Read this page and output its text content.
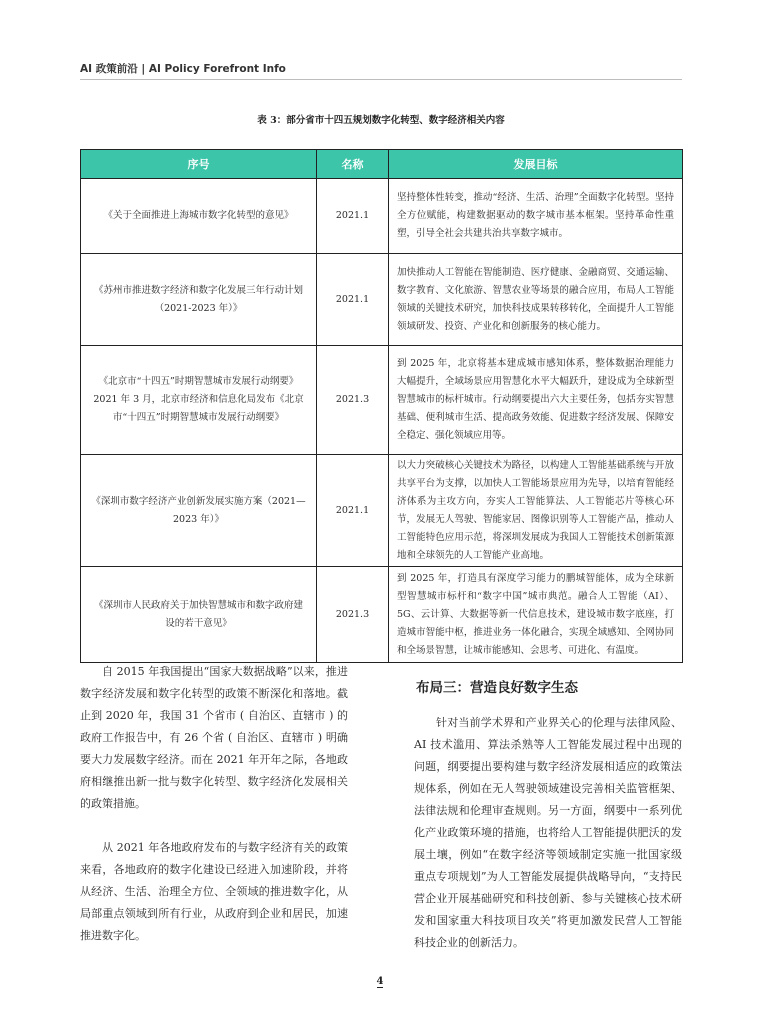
AI 政策前沿 | AI Policy Forefront Info
表 3：部分省市十四五规划数字化转型、数字经济相关内容
序号	名称	发展目标
《关于全面推进上海城市数字化转型的意见》	2021.1	坚持整体性转变，推动“经济、生活、治理”全面数字化转型。坚持全方位赋能，构建数据驱动的数字城市基本框架。坚持革命性重塑，引导全社会共建共治共享数字城市。
《苏州市推进数字经济和数字化发展三年行动计划（2021-2023 年）》	2021.1	加快推动人工智能在智能制造、医疗健康、金融商贸、交通运输、数字教育、文化旅游、智慧农业等场景的融合应用，布局人工智能领域的关键技术研究，加快科技成果转移转化，全面提升人工智能领域研发、投资、产业化和创新服务的核心能力。
《北京市“十四五”时期智慧城市发展行动纲要》2021 年 3 月，北京市经济和信息化局发布《北京市“十四五”时期智慧城市发展行动纲要》	2021.3	到 2025 年，北京将基本建成城市感知体系，整体数据治理能力大幅提升，全域场景应用智慧化水平大幅跃升，建设成为全球新型智慧城市的标杆城市。行动纲要提出六大主要任务，包括夯实智慧基础、便利城市生活、提高政务效能、促进数字经济发展、保障安全稳定、强化领域应用等。
《深圳市数字经济产业创新发展实施方案（2021—2023 年）》	2021.1	以大力突破核心关键技术为路径，以构建人工智能基础系统与开放共享平台为支撑，以加快人工智能场景应用为先导，以培育智能经济体系为主攻方向，夯实人工智能算法、人工智能芯片等核心环节，发展无人驾驶、智能家居、图像识别等人工智能产品，推动人工智能特色应用示范，将深圳发展成为我国人工智能技术创新策源地和全球领先的人工智能产业高地。
《深圳市人民政府关于加快智慧城市和数字政府建设的若干意见》	2021.3	到 2025 年，打造具有深度学习能力的鹏城智能体，成为全球新型智慧城市标杆和“数字中国”城市典范。融合人工智能（AI）、5G、云计算、大数据等新一代信息技术，建设城市数字底座，打造城市智能中枢，推进业务一体化融合，实现全域感知、全网协同和全场景智慧，让城市能感知、会思考、可进化、有温度。

自 2015 年我国提出“国家大数据战略”以来，推进数字经济发展和数字化转型的政策不断深化和落地。截止到 2020 年，我国 31 个省市 ( 自治区、直辖市 ) 的政府工作报告中，有 26 个省 ( 自治区、直辖市 ) 明确要大力发展数字经济。而在 2021 年开年之际，各地政府相继推出新一批与数字化转型、数字经济化发展相关的政策措施。

从 2021 年各地政府发布的与数字经济有关的政策来看，各地政府的数字化建设已经进入加速阶段，并将从经济、生活、治理全方位、全领域的推进数字化，从局部重点领域到所有行业，从政府到企业和居民，加速推进数字化。

布局三：营造良好数字生态

针对当前学术界和产业界关心的伦理与法律风险、AI 技术滥用、算法杀熟等人工智能发展过程中出现的问题，纲要提出要构建与数字经济发展相适应的政策法规体系，例如在无人驾驶领域建设完善相关监管框架、法律法规和伦理审查规则。另一方面，纲要中一系列优化产业政策环境的措施，也将给人工智能提供肥沃的发展土壤，例如“在数字经济等领域制定实施一批国家级重点专项规划”为人工智能发展提供战略导向，“支持民营企业开展基础研究和科技创新、参与关键核心技术研发和国家重大科技项目攻关”将更加激发民营人工智能科技企业的创新活力。

4
